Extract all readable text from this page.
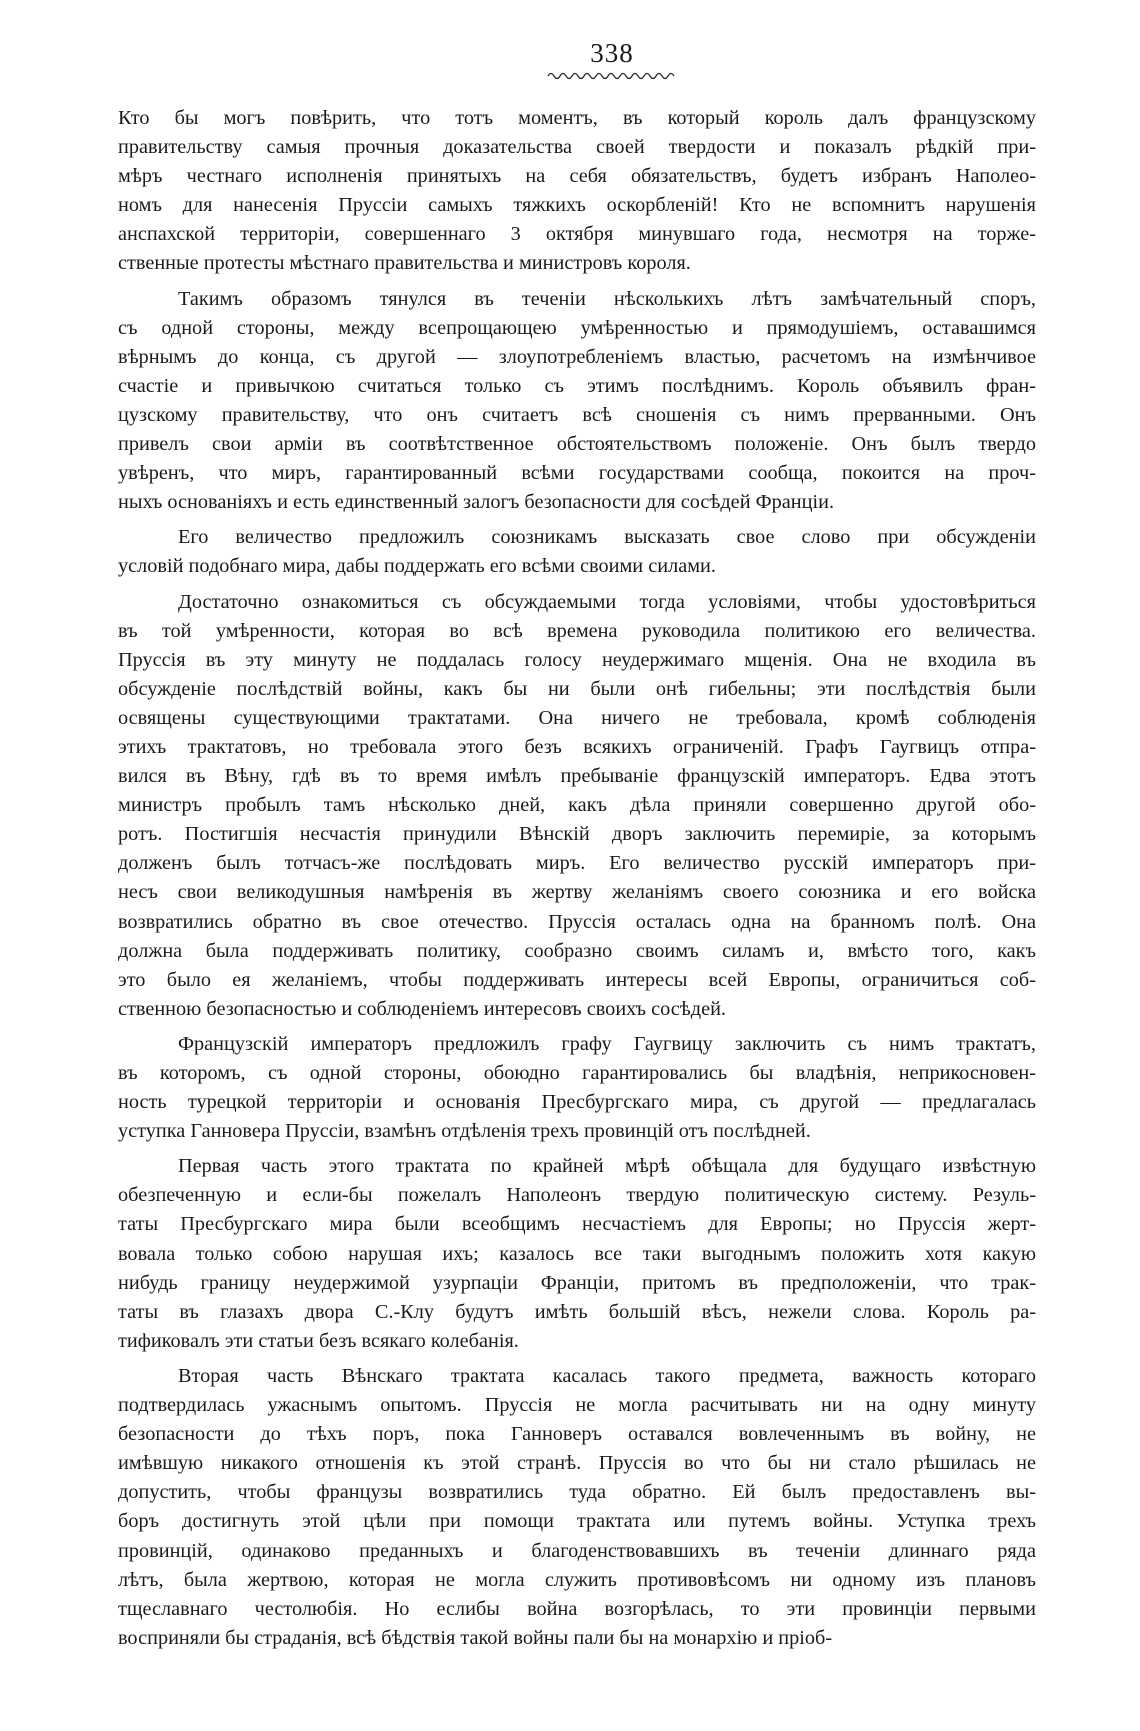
338
Кто бы могъ повѣрить, что тотъ моментъ, въ который король далъ французскому
правительству самыя прочныя доказательства своей твердости и показалъ рѣдкій при-
мѣръ честнаго исполненія принятыхъ на себя обязательствъ, будетъ избранъ Наполео-
номъ для нанесенія Пруссіи самыхъ тяжкихъ оскорбленій! Кто не вспомнитъ нарушенія
анспахской территоріи, совершеннаго 3 октября минувшаго года, несмотря на торже-
ственные протесты мѣстнаго правительства и министровъ короля.
Такимъ образомъ тянулся въ теченіи нѣсколькихъ лѣтъ замѣчательный споръ,
съ одной стороны, между всепрощающею умѣренностью и прямодушіемъ, оставашимся
вѣрнымъ до конца, съ другой — злоупотребленіемъ властью, расчетомъ на измѣнчивое
счастіе и привычкою считаться только съ этимъ послѣднимъ. Король объявилъ фран-
цузскому правительству, что онъ считаетъ всѣ сношенія съ нимъ прерванными. Онъ
привелъ свои арміи въ соотвѣтственное обстоятельствомъ положеніе. Онъ былъ твердо
увѣренъ, что миръ, гарантированный всѣми государствами сообща, покоится на проч-
ныхъ основаніяхъ и есть единственный залогъ безопасности для сосѣдей Франціи.
Его величество предложилъ союзникамъ высказать свое слово при обсужденіи
условій подобнаго мира, дабы поддержать его всѣми своими силами.
Достаточно ознакомиться съ обсуждаемыми тогда условіями, чтобы удостовѣриться
въ той умѣренности, которая во всѣ времена руководила политикою его величества.
Пруссія въ эту минуту не поддалась голосу неудержимаго мщенія. Она не входила въ
обсужденіе послѣдствій войны, какъ бы ни были онѣ гибельны; эти послѣдствія были
освящены существующими трактатами. Она ничего не требовала, кромѣ соблюденія
этихъ трактатовъ, но требовала этого безъ всякихъ ограниченій. Графъ Гаугвицъ отпра-
вился въ Вѣну, гдѣ въ то время имѣлъ пребываніе французскій императоръ. Едва этотъ
министръ пробылъ тамъ нѣсколько дней, какъ дѣла приняли совершенно другой обо-
ротъ. Постигшія несчастія принудили Вѣнскій дворъ заключить перемиріе, за которымъ
долженъ былъ тотчасъ-же послѣдовать миръ. Его величество русскій императоръ при-
несъ свои великодушныя намѣренія въ жертву желаніямъ своего союзника и его войска
возвратились обратно въ свое отечество. Пруссія осталась одна на бранномъ полѣ. Она
должна была поддерживать политику, сообразно своимъ силамъ и, вмѣсто того, какъ
это было ея желаніемъ, чтобы поддерживать интересы всей Европы, ограничиться соб-
ственною безопасностью и соблюденіемъ интересовъ своихъ сосѣдей.
Французскій императоръ предложилъ графу Гаугвицу заключить съ нимъ трактатъ,
въ которомъ, съ одной стороны, обоюдно гарантировались бы владѣнія, неприкосновен-
ность турецкой территоріи и основанія Пресбургскаго мира, съ другой — предлагалась
уступка Ганновера Пруссіи, взамѣнъ отдѣленія трехъ провинцій отъ послѣдней.
Первая часть этого трактата по крайней мѣрѣ обѣщала для будущаго извѣстную
обезпеченную и если-бы пожелалъ Наполеонъ твердую политическую систему. Резуль-
таты Пресбургскаго мира были всеобщимъ несчастіемъ для Европы; но Пруссія жерт-
вовала только собою нарушая ихъ; казалось все таки выгоднымъ положить хотя какую
нибудь границу неудержимой узурпаціи Франціи, притомъ въ предположеніи, что трак-
таты въ глазахъ двора С.-Клу будутъ имѣть большій вѣсъ, нежели слова. Король ра-
тификовалъ эти статьи безъ всякаго колебанія.
Вторая часть Вѣнскаго трактата касалась такого предмета, важность котораго
подтвердилась ужаснымъ опытомъ. Пруссія не могла расчитывать ни на одну минуту
безопасности до тѣхъ поръ, пока Ганноверъ оставался вовлеченнымъ въ войну, не
имѣвшую никакого отношенія къ этой странѣ. Пруссія во что бы ни стало рѣшилась не
допустить, чтобы французы возвратились туда обратно. Ей былъ предоставленъ вы-
боръ достигнуть этой цѣли при помощи трактата или путемъ войны. Уступка трехъ
провинцій, одинаково преданныхъ и благоденствовавшихъ въ теченіи длиннаго ряда
лѣтъ, была жертвою, которая не могла служить противовѣсомъ ни одному изъ плановъ
тщеславнаго честолюбія. Но еслибы война возгорѣлась, то эти провинціи первыми
восприняли бы страданія, всѣ бѣдствія такой войны пали бы на монархію и пріоб-
